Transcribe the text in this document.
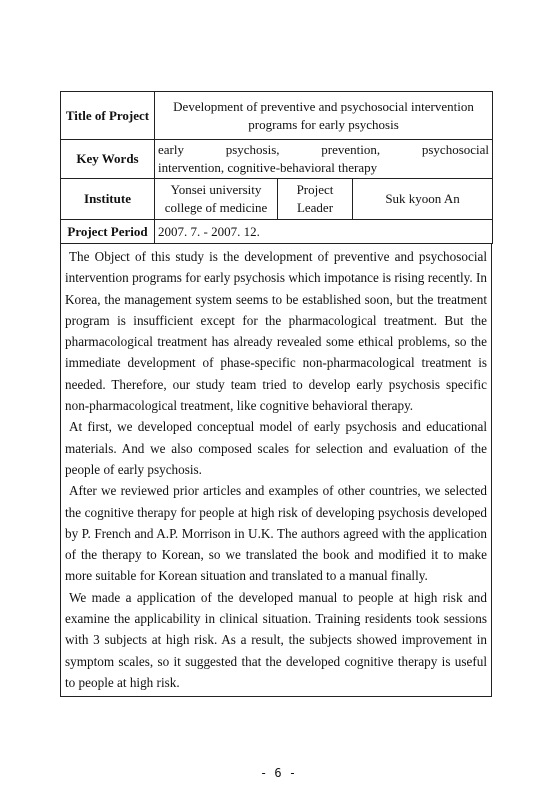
Title of Project	Development of preventive and psychosocial intervention programs for early psychosis		
Key Words	early psychosis, prevention, psychosocial
intervention, cognitive-behavioral therapy		

Institute	Yonsei university college of medicine	Project Leader	Suk kyoon An
Project Period	2007. 7. - 2007. 12.		

The Object of this study is the development of preventive and psychosocial intervention programs for early psychosis which impotance is rising recently. In Korea, the management system seems to be established soon, but the treatment program is insufficient except for the pharmacological treatment. But the pharmacological treatment has already revealed some ethical problems, so the immediate development of phase-specific non-pharmacological treatment is needed. Therefore, our study team tried to develop early psychosis specific non-pharmacological treatment, like cognitive behavioral therapy.

At first, we developed conceptual model of early psychosis and educational materials. And we also composed scales for selection and evaluation of the people of early psychosis.

After we reviewed prior articles and examples of other countries, we selected the cognitive therapy for people at high risk of developing psychosis developed by P. French and A.P. Morrison in U.K. The authors agreed with the application of the therapy to Korean, so we translated the book and modified it to make more suitable for Korean situation and translated to a manual finally.

We made a application of the developed manual to people at high risk and examine the applicability in clinical situation. Training residents took sessions with 3 subjects at high risk. As a result, the subjects showed improvement in symptom scales, so it suggested that the developed cognitive therapy is useful to people at high risk.

- 6 -
